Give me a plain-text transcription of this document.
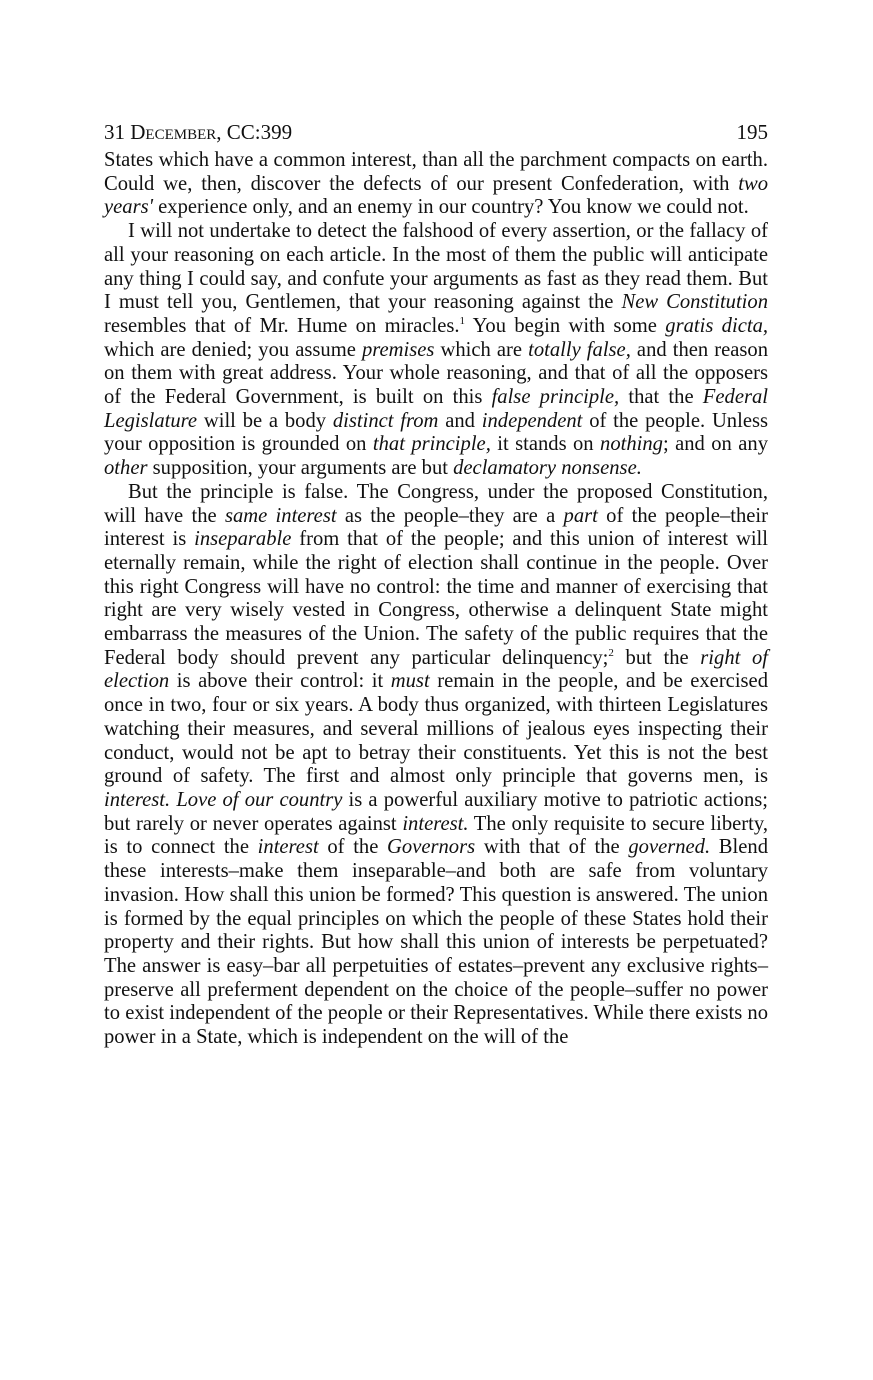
31 December, CC:399	195

States which have a common interest, than all the parchment compacts on earth. Could we, then, discover the defects of our present Confederation, with two years' experience only, and an enemy in our country? You know we could not.

I will not undertake to detect the falshood of every assertion, or the fallacy of all your reasoning on each article. In the most of them the public will anticipate any thing I could say, and confute your arguments as fast as they read them. But I must tell you, Gentlemen, that your reasoning against the New Constitution resembles that of Mr. Hume on miracles.$^1$ You begin with some gratis dicta, which are denied; you assume premises which are totally false, and then reason on them with great address. Your whole reasoning, and that of all the opposers of the Federal Government, is built on this false principle, that the Federal Legislature will be a body distinct from and independent of the people. Unless your opposition is grounded on that principle, it stands on nothing; and on any other supposition, your arguments are but declamatory nonsense.

But the principle is false. The Congress, under the proposed Constitution, will have the same interest as the people–they are a part of the people–their interest is inseparable from that of the people; and this union of interest will eternally remain, while the right of election shall continue in the people. Over this right Congress will have no control: the time and manner of exercising that right are very wisely vested in Congress, otherwise a delinquent State might embarrass the measures of the Union. The safety of the public requires that the Federal body should prevent any particular delinquency;$^2$ but the right of election is above their control: it must remain in the people, and be exercised once in two, four or six years. A body thus organized, with thirteen Legislatures watching their measures, and several millions of jealous eyes inspecting their conduct, would not be apt to betray their constituents. Yet this is not the best ground of safety. The first and almost only principle that governs men, is interest. Love of our country is a powerful auxiliary motive to patriotic actions; but rarely or never operates against interest. The only requisite to secure liberty, is to connect the interest of the Governors with that of the governed. Blend these interests–make them inseparable–and both are safe from voluntary invasion. How shall this union be formed? This question is answered. The union is formed by the equal principles on which the people of these States hold their property and their rights. But how shall this union of interests be perpetuated? The answer is easy–bar all perpetuities of estates–prevent any exclusive rights–preserve all preferment dependent on the choice of the people–suffer no power to exist independent of the people or their Representatives. While there exists no power in a State, which is independent on the will of the
